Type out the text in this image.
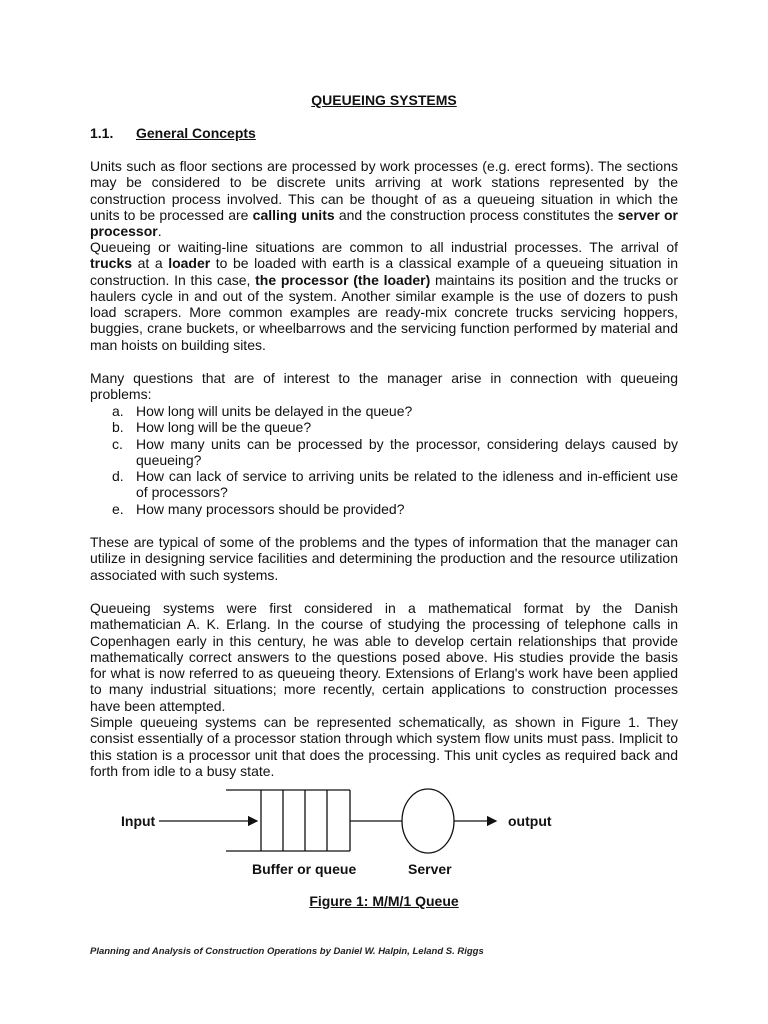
QUEUEING SYSTEMS
1.1. General Concepts

Units such as floor sections are processed by work processes (e.g. erect forms). The sections may be considered to be discrete units arriving at work stations represented by the construction process involved. This can be thought of as a queueing situation in which the units to be processed are calling units and the construction process constitutes the server or processor.

Queueing or waiting-line situations are common to all industrial processes. The arrival of trucks at a loader to be loaded with earth is a classical example of a queueing situation in construction. In this case, the processor (the loader) maintains its position and the trucks or haulers cycle in and out of the system. Another similar example is the use of dozers to push load scrapers. More common examples are ready-mix concrete trucks servicing hoppers, buggies, crane buckets, or wheelbarrows and the servicing function performed by material and man hoists on building sites.

Many questions that are of interest to the manager arise in connection with queueing problems:

a. How long will units be delayed in the queue?
b. How long will be the queue?
c. How many units can be processed by the processor, considering delays caused by queueing?
d. How can lack of service to arriving units be related to the idleness and in-efficient use of processors?
e. How many processors should be provided?

These are typical of some of the problems and the types of information that the manager can utilize in designing service facilities and determining the production and the resource utilization associated with such systems.

Queueing systems were first considered in a mathematical format by the Danish mathematician A. K. Erlang. In the course of studying the processing of telephone calls in Copenhagen early in this century, he was able to develop certain relationships that provide mathematically correct answers to the questions posed above. His studies provide the basis for what is now referred to as queueing theory. Extensions of Erlang's work have been applied to many industrial situations; more recently, certain applications to construction processes have been attempted.

Simple queueing systems can be represented schematically, as shown in Figure 1. They consist essentially of a processor station through which system flow units must pass. Implicit to this station is a processor unit that does the processing. This unit cycles as required back and forth from idle to a busy state.

Input	output
Buffer or queue	Server
Figure 1: M/M/1 Queue
Planning and Analysis of Construction Operations by Daniel W. Halpin, Leland S. Riggs
